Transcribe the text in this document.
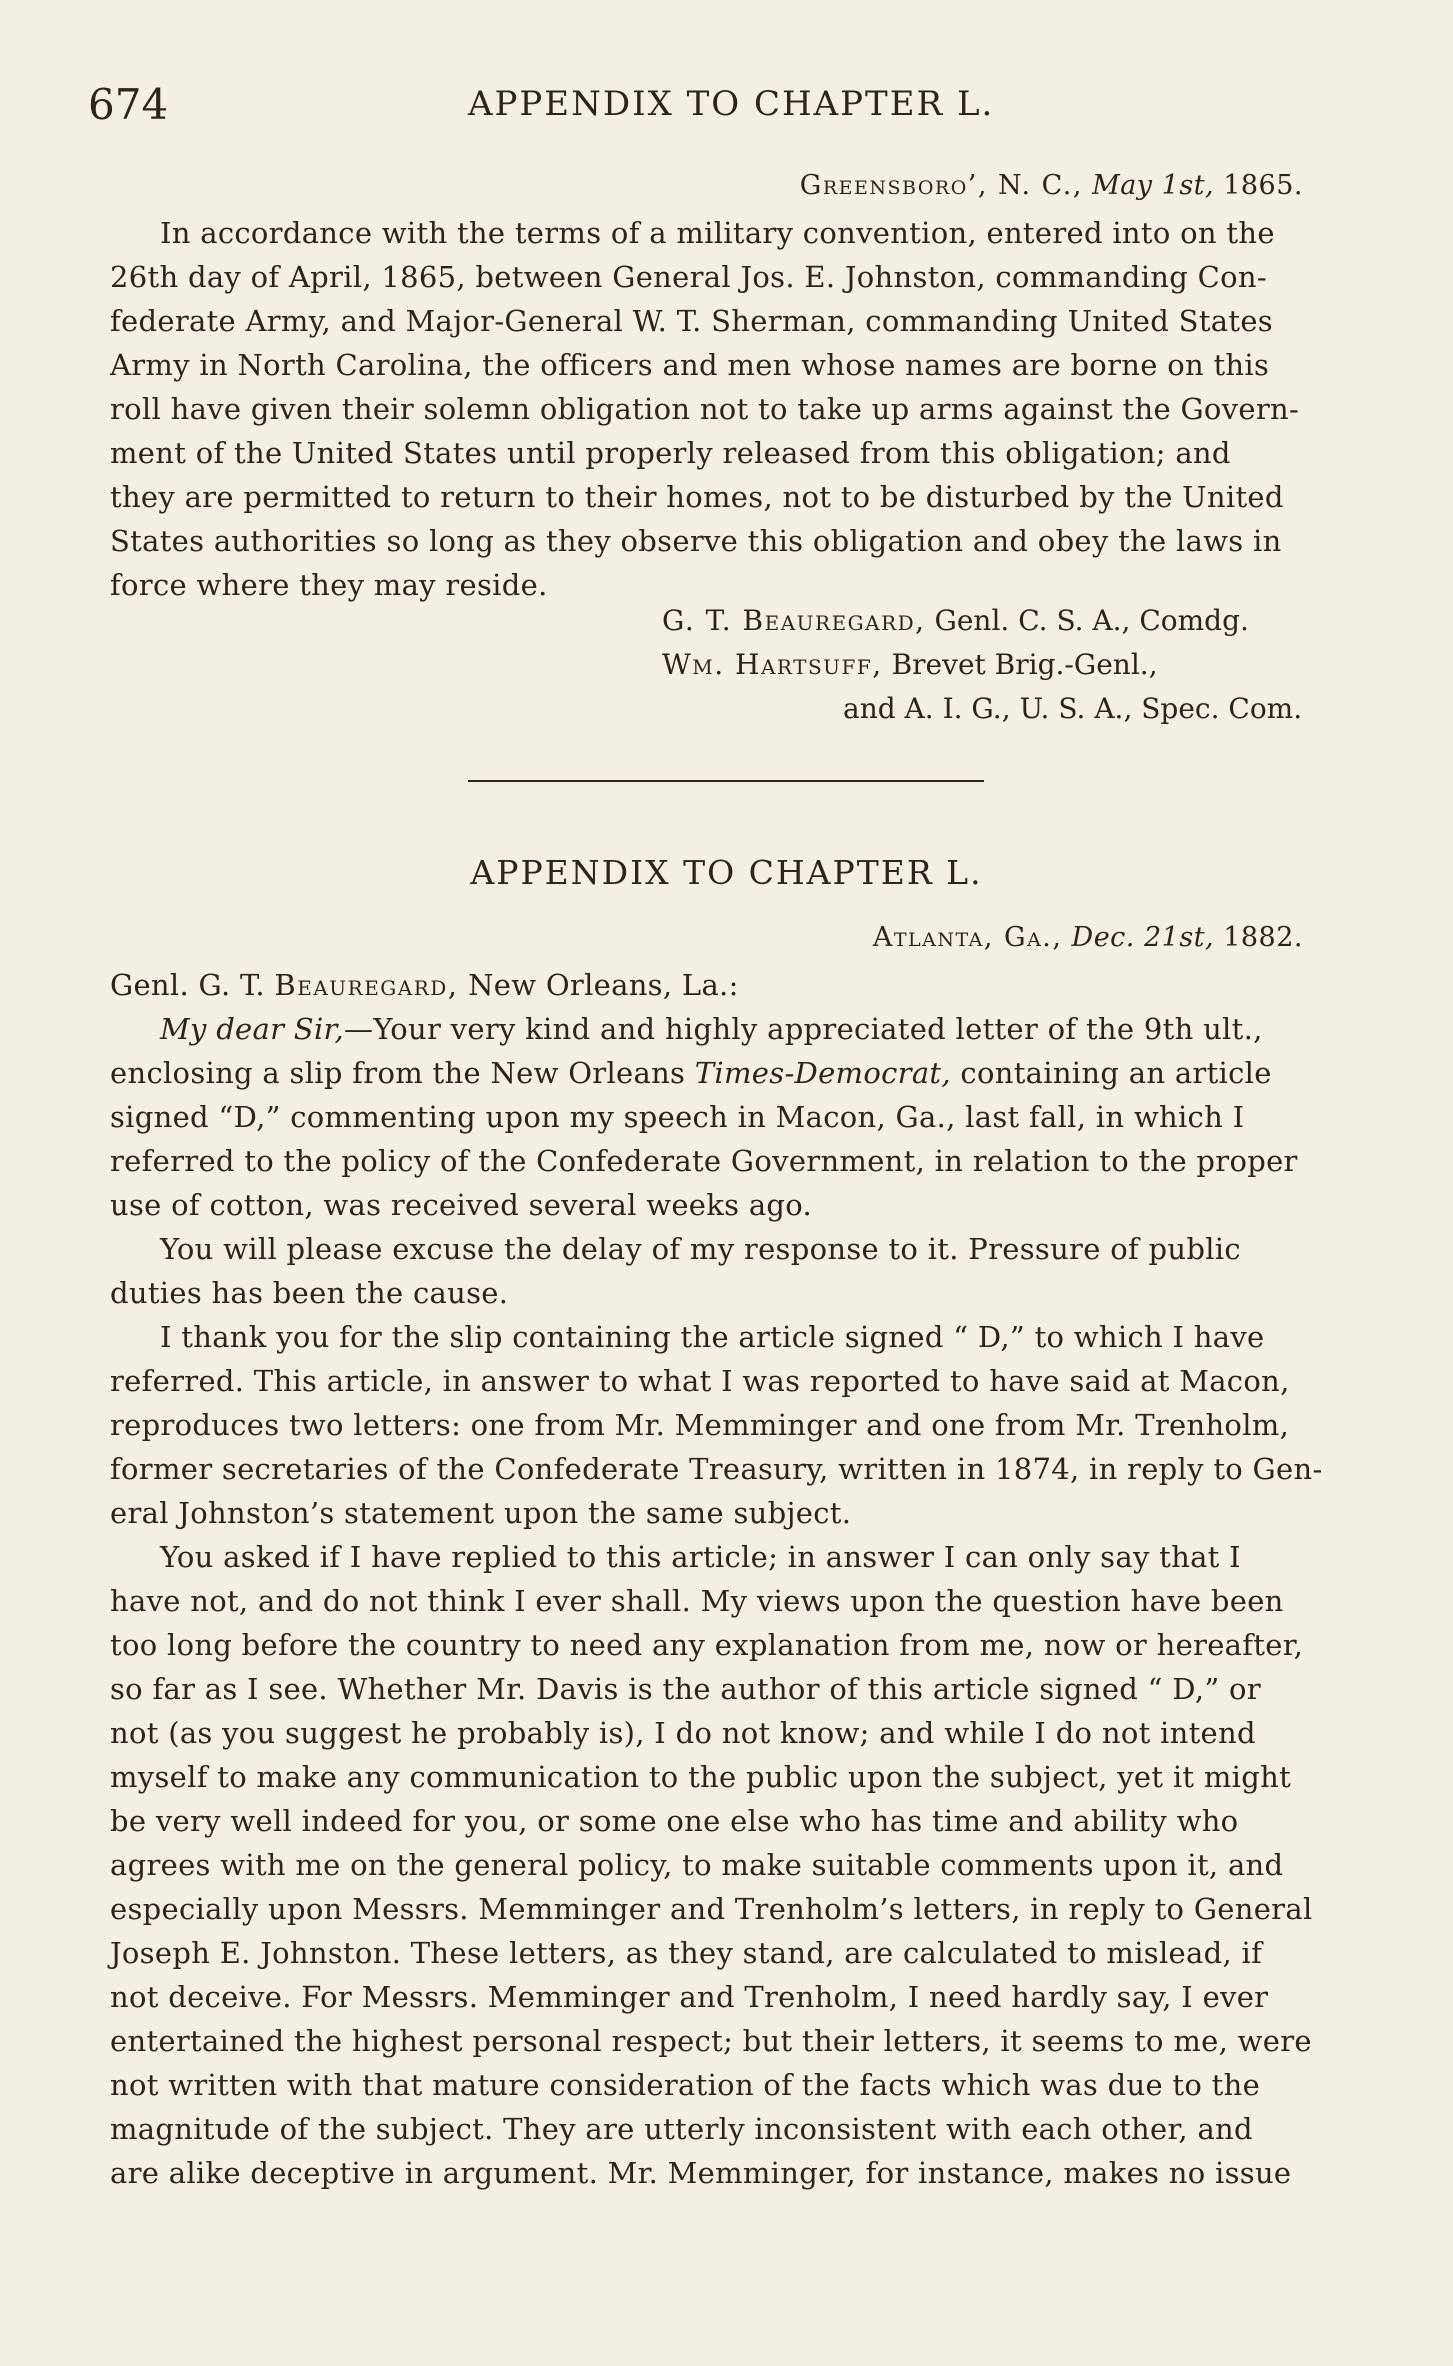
674	APPENDIX TO CHAPTER L.
Greensboro’, N. C., May 1st, 1865.
In accordance with the terms of a military convention, entered into on the
26th day of April, 1865, between General Jos. E. Johnston, commanding Con-
federate Army, and Major-General W. T. Sherman, commanding United States
Army in North Carolina, the officers and men whose names are borne on this
roll have given their solemn obligation not to take up arms against the Govern-
ment of the United States until properly released from this obligation; and
they are permitted to return to their homes, not to be disturbed by the United
States authorities so long as they observe this obligation and obey the laws in
force where they may reside.
G. T. Beauregard, Genl. C. S. A., Comdg.
Wm. Hartsuff, Brevet Brig.-Genl.,
and A. I. G., U. S. A., Spec. Com.
APPENDIX TO CHAPTER L.
Atlanta, Ga., Dec. 21st, 1882.
Genl. G. T. Beauregard, New Orleans, La.:
My dear Sir,—Your very kind and highly appreciated letter of the 9th ult.,
enclosing a slip from the New Orleans Times-Democrat, containing an article
signed “D,” commenting upon my speech in Macon, Ga., last fall, in which I
referred to the policy of the Confederate Government, in relation to the proper
use of cotton, was received several weeks ago.
You will please excuse the delay of my response to it. Pressure of public
duties has been the cause.
I thank you for the slip containing the article signed “ D,” to which I have
referred. This article, in answer to what I was reported to have said at Macon,
reproduces two letters: one from Mr. Memminger and one from Mr. Trenholm,
former secretaries of the Confederate Treasury, written in 1874, in reply to Gen-
eral Johnston’s statement upon the same subject.
You asked if I have replied to this article; in answer I can only say that I
have not, and do not think I ever shall. My views upon the question have been
too long before the country to need any explanation from me, now or hereafter,
so far as I see. Whether Mr. Davis is the author of this article signed “ D,” or
not (as you suggest he probably is), I do not know; and while I do not intend
myself to make any communication to the public upon the subject, yet it might
be very well indeed for you, or some one else who has time and ability who
agrees with me on the general policy, to make suitable comments upon it, and
especially upon Messrs. Memminger and Trenholm’s letters, in reply to General
Joseph E. Johnston. These letters, as they stand, are calculated to mislead, if
not deceive. For Messrs. Memminger and Trenholm, I need hardly say, I ever
entertained the highest personal respect; but their letters, it seems to me, were
not written with that mature consideration of the facts which was due to the
magnitude of the subject. They are utterly inconsistent with each other, and
are alike deceptive in argument. Mr. Memminger, for instance, makes no issue
